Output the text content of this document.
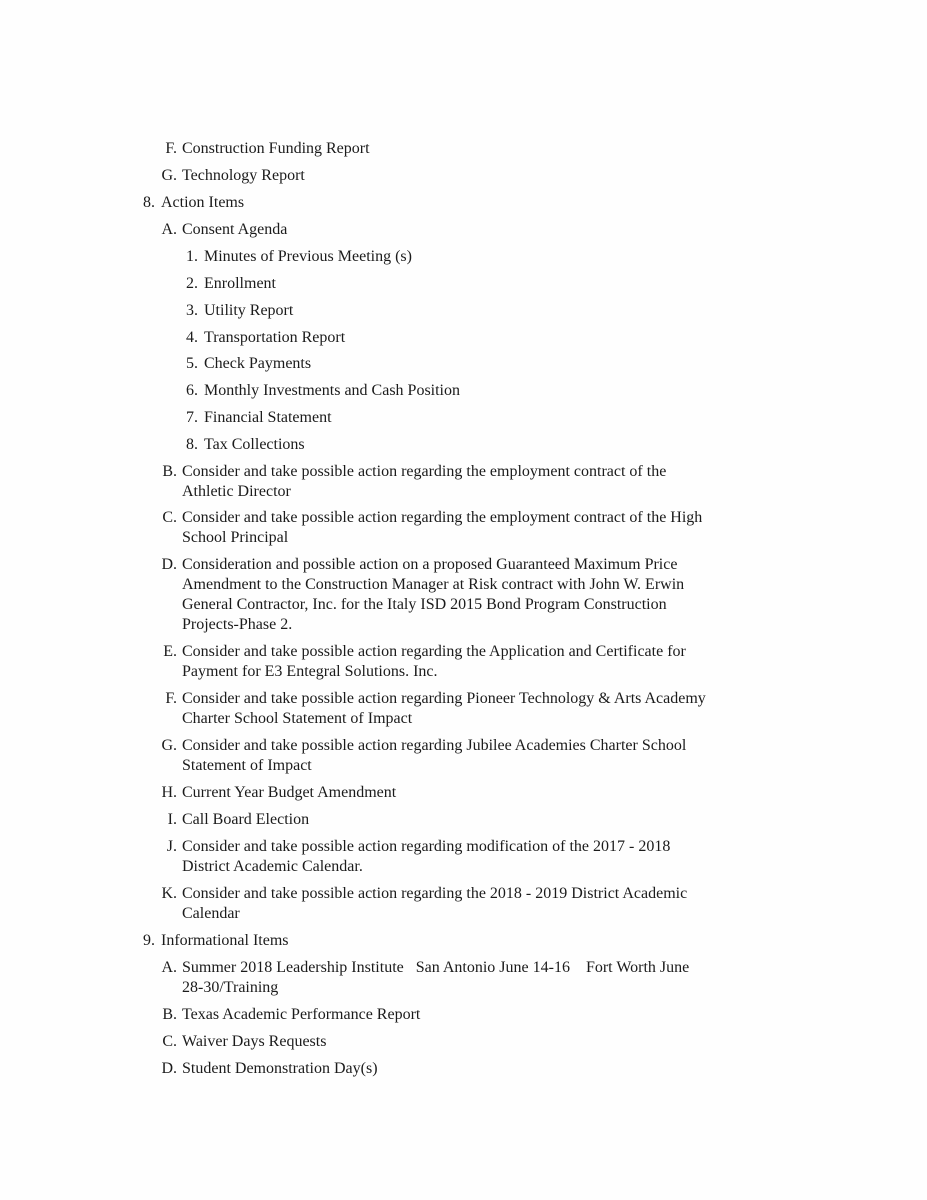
F. Construction Funding Report
G. Technology Report
8. Action Items
A. Consent Agenda
1. Minutes of Previous Meeting (s)
2. Enrollment
3. Utility Report
4. Transportation Report
5. Check Payments
6. Monthly Investments and Cash Position
7. Financial Statement
8. Tax Collections
B. Consider and take possible action regarding the employment contract of the
Athletic Director
C. Consider and take possible action regarding the employment contract of the High
School Principal
D. Consideration and possible action on a proposed Guaranteed Maximum Price
Amendment to the Construction Manager at Risk contract with John W. Erwin
General Contractor, Inc. for the Italy ISD 2015 Bond Program Construction
Projects-Phase 2.
E. Consider and take possible action regarding the Application and Certificate for
Payment for E3 Entegral Solutions. Inc.
F. Consider and take possible action regarding Pioneer Technology & Arts Academy
Charter School Statement of Impact
G. Consider and take possible action regarding Jubilee Academies Charter School
Statement of Impact
H. Current Year Budget Amendment
I. Call Board Election
J. Consider and take possible action regarding modification of the 2017 - 2018
District Academic Calendar.
K. Consider and take possible action regarding the 2018 - 2019 District Academic
Calendar
9. Informational Items
A. Summer 2018 Leadership Institute   San Antonio June 14-16    Fort Worth June
28-30/Training
B. Texas Academic Performance Report
C. Waiver Days Requests
D. Student Demonstration Day(s)
